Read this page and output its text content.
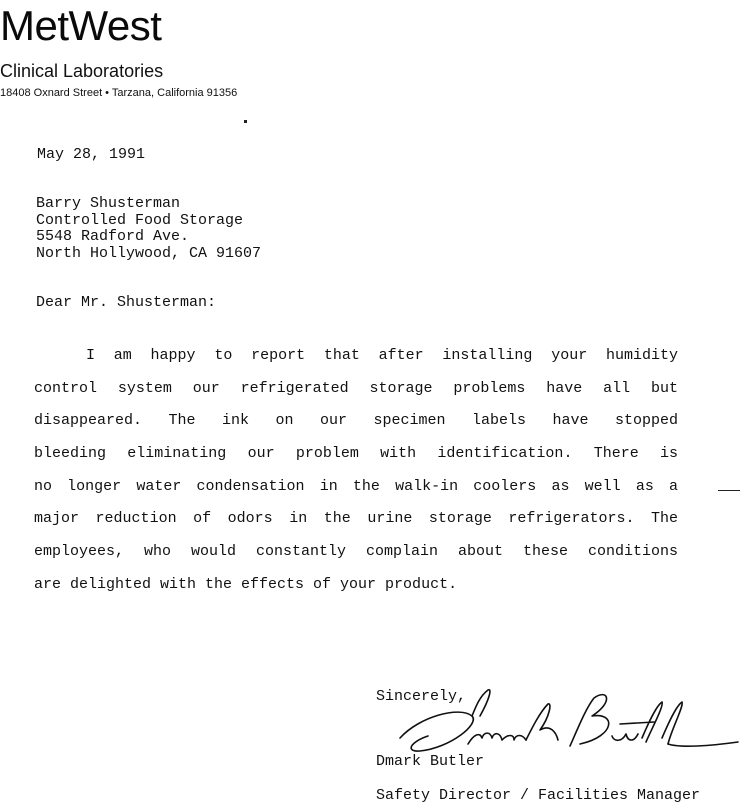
MetWest
Clinical Laboratories
18408 Oxnard Street • Tarzana, California 91356
May 28, 1991
Barry Shusterman
Controlled Food Storage
5548 Radford Ave.
North Hollywood, CA 91607
Dear Mr. Shusterman:
I am happy to report that after installing your humidity
control system our refrigerated storage problems have all but
disappeared. The ink on our specimen labels have stopped
bleeding eliminating our problem with identification. There is
no longer water condensation in the walk-in coolers as well as a
major reduction of odors in the urine storage refrigerators. The
employees, who would constantly complain about these conditions
are delighted with the effects of your product.
Sincerely,
Dmark Butler
Safety Director / Facilities Manager
